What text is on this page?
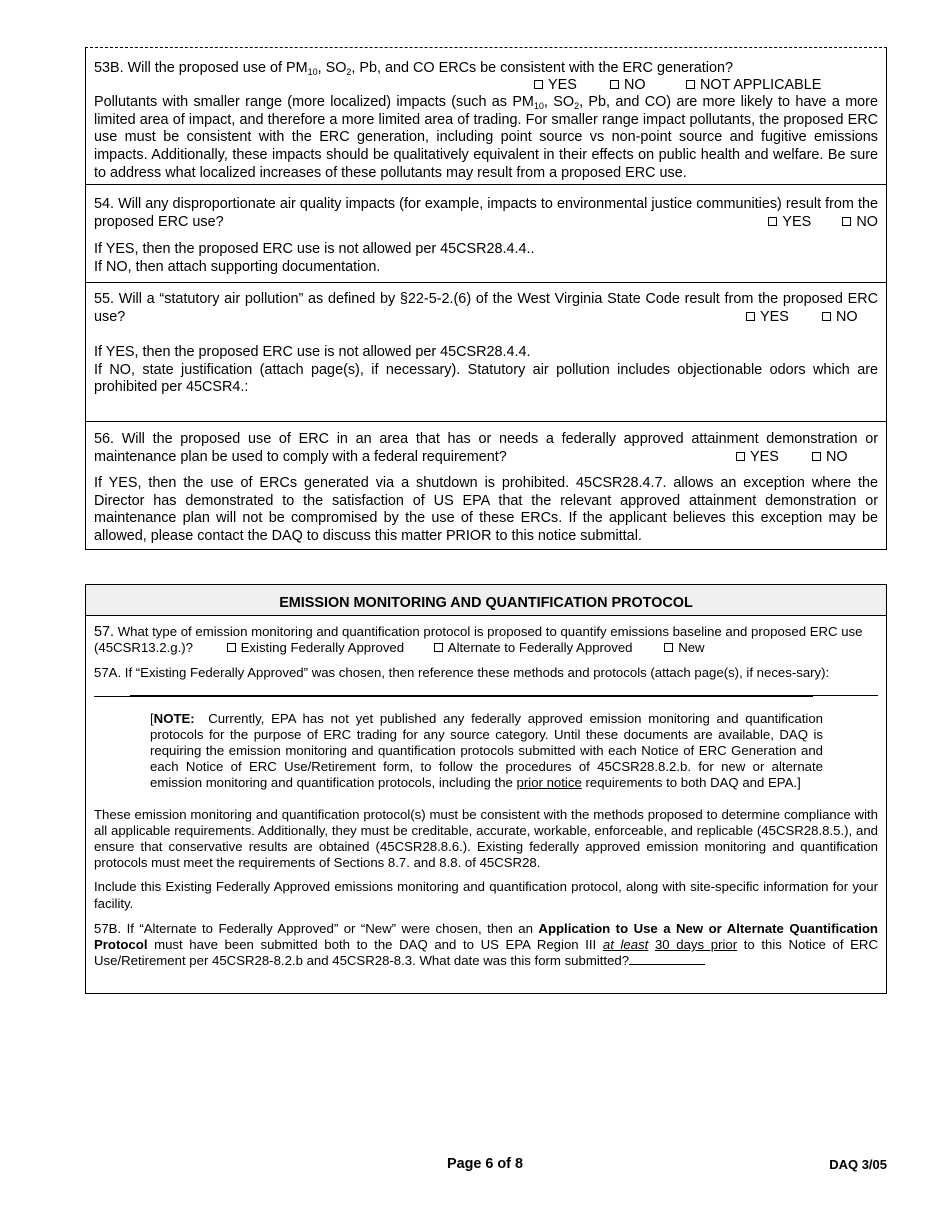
53B. Will the proposed use of $PM_{10}$, $SO_2$, Pb, and CO ERCs be consistent with the ERC generation?

YES	NO	NOT APPLICABLE

Pollutants with smaller range (more localized) impacts (such as $PM_{10}$, $SO_2$, Pb, and CO) are more likely to have a more limited area of impact, and therefore a more limited area of trading. For smaller range impact pollutants, the proposed ERC use must be consistent with the ERC generation, including point source vs non-point source and fugitive emissions impacts. Additionally, these impacts should be qualitatively equivalent in their effects on public health and welfare. Be sure to address what localized increases of these pollutants may result from a proposed ERC use.

54. Will any disproportionate air quality impacts (for example, impacts to environmental justice communities) result from the proposed ERC use?	YES	NO

If YES, then the proposed ERC use is not allowed per 45CSR28.4.4..

If NO, then attach supporting documentation.

55. Will a “statutory air pollution” as defined by §22-5-2.(6) of the West Virginia State Code result from the proposed ERC use?	YES	NO

If YES, then the proposed ERC use is not allowed per 45CSR28.4.4.

If NO, state justification (attach page(s), if necessary). Statutory air pollution includes objectionable odors which are prohibited per 45CSR4.:

56. Will the proposed use of ERC in an area that has or needs a federally approved attainment demonstration or maintenance plan be used to comply with a federal requirement?	YES	NO

If YES, then the use of ERCs generated via a shutdown is prohibited. 45CSR28.4.7. allows an exception where the Director has demonstrated to the satisfaction of US EPA that the relevant approved attainment demonstration or maintenance plan will not be compromised by the use of these ERCs. If the applicant believes this exception may be allowed, please contact the DAQ to discuss this matter PRIOR to this notice submittal.

EMISSION MONITORING AND QUANTIFICATION PROTOCOL

57. What type of emission monitoring and quantification protocol is proposed to quantify emissions baseline and proposed ERC use (45CSR13.2.g.)?	Existing Federally Approved	Alternate to Federally Approved	New

57A. If “Existing Federally Approved” was chosen, then reference these methods and protocols (attach page(s), if neces-sary):

[NOTE: Currently, EPA has not yet published any federally approved emission monitoring and quantification protocols for the purpose of ERC trading for any source category. Until these documents are available, DAQ is requiring the emission monitoring and quantification protocols submitted with each Notice of ERC Generation and each Notice of ERC Use/Retirement form, to follow the procedures of 45CSR28.8.2.b. for new or alternate emission monitoring and quantification protocols, including the prior notice requirements to both DAQ and EPA.]

These emission monitoring and quantification protocol(s) must be consistent with the methods proposed to determine compliance with all applicable requirements. Additionally, they must be creditable, accurate, workable, enforceable, and replicable (45CSR28.8.5.), and ensure that conservative results are obtained (45CSR28.8.6.). Existing federally approved emission monitoring and quantification protocols must meet the requirements of Sections 8.7. and 8.8. of 45CSR28.

Include this Existing Federally Approved emissions monitoring and quantification protocol, along with site-specific information for your facility.

57B. If “Alternate to Federally Approved” or “New” were chosen, then an Application to Use a New or Alternate Quantification Protocol must have been submitted both to the DAQ and to US EPA Region III at least 30 days prior to this Notice of ERC Use/Retirement per 45CSR28-8.2.b and 45CSR28-8.3. What date was this form submitted?

Page 6 of 8	DAQ 3/05
